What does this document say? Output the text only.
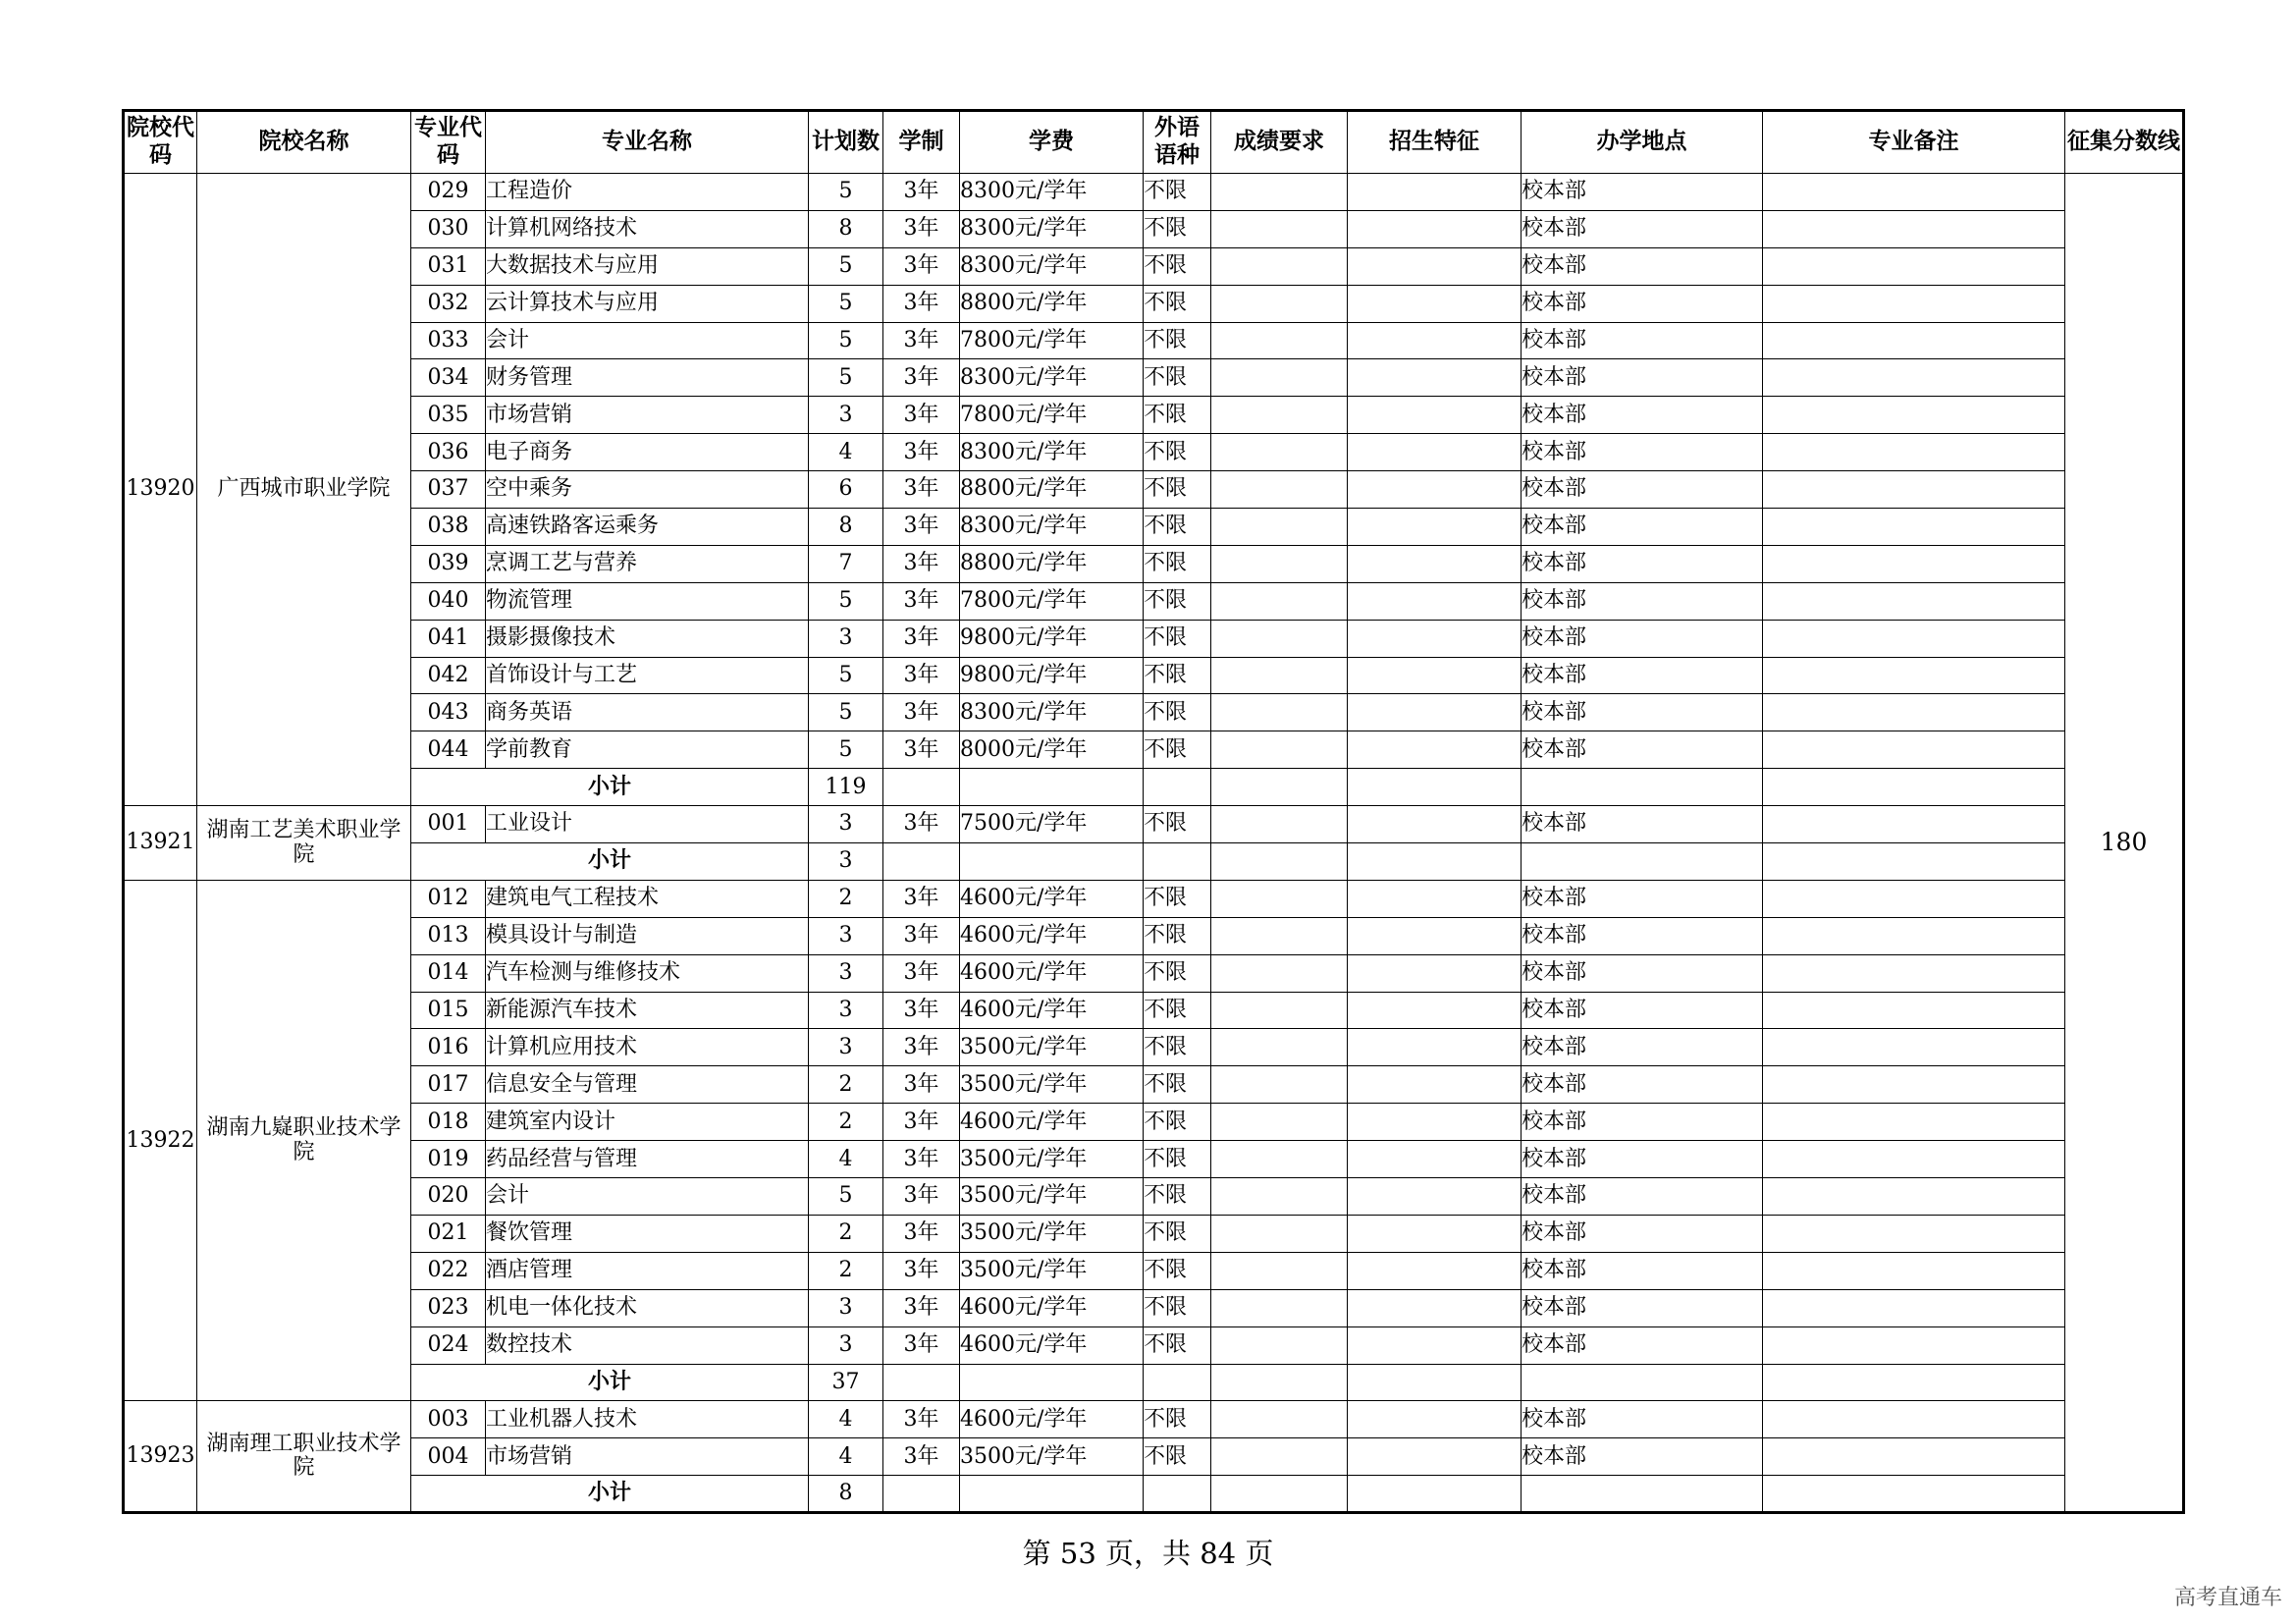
院校代码	院校名称	专业代码	专业名称	计划数	学制	学费	外语语种	成绩要求	招生特征	办学地点	专业备注	征集分数线
13920	广西城市职业学院	029	工程造价	5	3年	8300元/学年	不限			校本部		180
		030	计算机网络技术	8	3年	8300元/学年	不限			校本部		
		031	大数据技术与应用	5	3年	8300元/学年	不限			校本部		
		032	云计算技术与应用	5	3年	8800元/学年	不限			校本部		
		033	会计	5	3年	7800元/学年	不限			校本部		
		034	财务管理	5	3年	8300元/学年	不限			校本部		
		035	市场营销	3	3年	7800元/学年	不限			校本部		
		036	电子商务	4	3年	8300元/学年	不限			校本部		
		037	空中乘务	6	3年	8800元/学年	不限			校本部		
		038	高速铁路客运乘务	8	3年	8300元/学年	不限			校本部		
		039	烹调工艺与营养	7	3年	8800元/学年	不限			校本部		
		040	物流管理	5	3年	7800元/学年	不限			校本部		
		041	摄影摄像技术	3	3年	9800元/学年	不限			校本部		
		042	首饰设计与工艺	5	3年	9800元/学年	不限			校本部		
		043	商务英语	5	3年	8300元/学年	不限			校本部		
		044	学前教育	5	3年	8000元/学年	不限			校本部		
		小计		119								
13921	湖南工艺美术职业学院	001	工业设计	3	3年	7500元/学年	不限			校本部		
		小计		3								
13922	湖南九嶷职业技术学院	012	建筑电气工程技术	2	3年	4600元/学年	不限			校本部		
		013	模具设计与制造	3	3年	4600元/学年	不限			校本部		
		014	汽车检测与维修技术	3	3年	4600元/学年	不限			校本部		
		015	新能源汽车技术	3	3年	4600元/学年	不限			校本部		
		016	计算机应用技术	3	3年	3500元/学年	不限			校本部		
		017	信息安全与管理	2	3年	3500元/学年	不限			校本部		
		018	建筑室内设计	2	3年	4600元/学年	不限			校本部		
		019	药品经营与管理	4	3年	3500元/学年	不限			校本部		
		020	会计	5	3年	3500元/学年	不限			校本部		
		021	餐饮管理	2	3年	3500元/学年	不限			校本部		
		022	酒店管理	2	3年	3500元/学年	不限			校本部		
		023	机电一体化技术	3	3年	4600元/学年	不限			校本部		
		024	数控技术	3	3年	4600元/学年	不限			校本部		
		小计		37								
13923	湖南理工职业技术学院	003	工业机器人技术	4	3年	4600元/学年	不限			校本部		
		004	市场营销	4	3年	3500元/学年	不限			校本部		
		小计		8								
第 53 页，共 84 页
高考直通车
